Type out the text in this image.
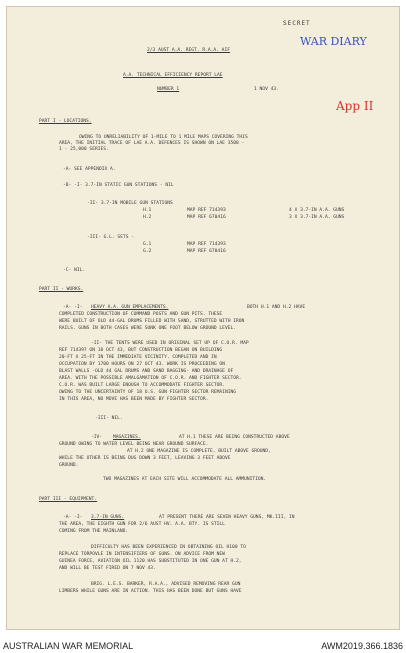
SECRET
WAR DIARY
App II
2/3 AUST A.A. REGT. R.A.A. AIF
A.A. TECHNICAL EFFICIENCY REPORT LAE
NUMBER 1	1 NOV 43.
PART I - LOCATIONS.
OWING TO UNRELIABILITY OF 1-MILE TO 1 MILE MAPS COVERING THIS
AREA, THE INITIAL TRACE OF LAE A.A. DEFENCES IS SHOWN ON LAE 3508 -
1 - 25,000 SERIES.
-A- SEE APPENDIX A.
-B- -I- 3.7-IN STATIC GUN STATIONS - NIL
-II- 3.7-IN MOBILE GUN STATIONS
H.1	MAP REF 714393	4 X 3.7-IN A.A. GUNS
H.2	MAP REF 670416	3 X 3.7-IN A.A. GUNS
-III- G.L. SETS -
G.1	MAP REF 714393
G.2	MAP REF 670416
-C- NIL.
PART II - WORKS.
-A- -I- HEAVY A.A. GUN EMPLACEMENTS.	BOTH H.1 AND H.2 HAVE
COMPLETED CONSTRUCTION OF COMMAND POSTS AND GUN PITS. THESE
WERE BUILT OF OLD 44-GAL DRUMS FILLED WITH SAND, STRUTTED WITH IRON
RAILS. GUNS IN BOTH CASES WERE SUNK ONE FOOT BELOW GROUND LEVEL.
-II- THE TENTS WERE USED IN ORIGINAL SET UP OF C.O.R. MAP
REF 714397 ON 10 OCT 43, BUT CONSTRUCTION BEGAN ON BUILDING
20-FT X 25-FT IN THE IMMEDIATE VICINITY. COMPLETED AND IN
OCCUPATION BY 1700 HOURS ON 27 OCT 43. WORK IS PROCEEDING ON
BLAST WALLS -OLD 44 GAL DRUMS AND SAND BAGGING- AND DRAINAGE OF
AREA. WITH THE POSSIBLE AMALGAMATION OF C.O.R. AND FIGHTER SECTOR.
C.O.R. WAS BUILT LARGE ENOUGH TO ACCOMMODATE FIGHTER SECTOR.
OWING TO THE UNCERTAINTY OF 18 U.S. GUN FIGHTER SECTOR REMAINING
IN THIS AREA, NO MOVE HAS BEEN MADE BY FIGHTER SECTOR.
-III- NIL.
-IV- MAGAZINES.	AT H.1 THESE ARE BEING CONSTRUCTED ABOVE
GROUND OWING TO WATER LEVEL BEING NEAR GROUND SURFACE.
AT H.2 ONE MAGAZINE IS COMPLETE, BUILT ABOVE GROUND,
WHILE THE OTHER IS BEING DUG DOWN 3 FEET, LEAVING 3 FEET ABOVE
GROUND.
TWO MAGAZINES AT EACH SITE WILL ACCOMMODATE ALL AMMUNITION.
PART III - EQUIPMENT.
-A- -I- 3.7-IN GUNS.	AT PRESENT THERE ARE SEVEN HEAVY GUNS, MK.III, IN
THE AREA, THE EIGHTH GUN FOR 2/6 AUST HV. A.A. BTY. IS STILL
COMING FROM THE MAINLAND.
DIFFICULTY HAS BEEN EXPERIENCED IN OBTAINING OIL H100 TO
REPLACE TORPOVLE IN INTENSIFIERS OF GUNS. ON ADVICE FROM NEW
GUINEA FORCE, AVIATION OIL 1120 HAS SUBSTITUTED IN ONE GUN AT H.2,
AND WILL BE TEST FIRED ON 7 NOV 43.
BRIG. L.E.S. BARKER, R.A.A., ADVISED REMOVING REAR GUN
LIMBERS WHILE GUNS ARE IN ACTION. THIS HAS BEEN DONE BUT GUNS HAVE
AUSTRALIAN WAR MEMORIAL	AWM2019.366.1836
